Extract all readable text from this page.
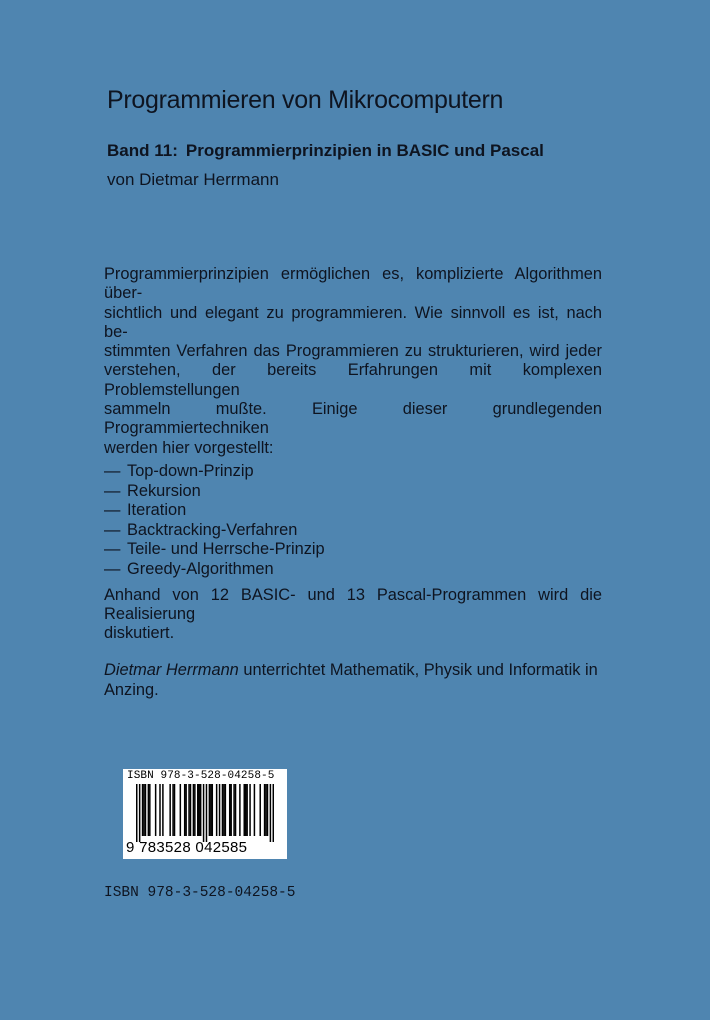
Programmieren von Mikrocomputern
Band 11: Programmierprinzipien in BASIC und Pascal
von Dietmar Herrmann

Programmierprinzipien ermöglichen es, komplizierte Algorithmen über-
sichtlich und elegant zu programmieren. Wie sinnvoll es ist, nach be-
stimmten Verfahren das Programmieren zu strukturieren, wird jeder
verstehen, der bereits Erfahrungen mit komplexen Problemstellungen
sammeln mußte. Einige dieser grundlegenden Programmiertechniken
werden hier vorgestellt:

— Top-down-Prinzip
— Rekursion
— Iteration
— Backtracking-Verfahren
— Teile- und Herrsche-Prinzip
— Greedy-Algorithmen

Anhand von 12 BASIC- und 13 Pascal-Programmen wird die Realisierung
diskutiert.

Dietmar Herrmann unterrichtet Mathematik, Physik und Informatik in Anzing.

ISBN 978-3-528-04258-5
9 783528 042585
ISBN 978-3-528-04258-5
